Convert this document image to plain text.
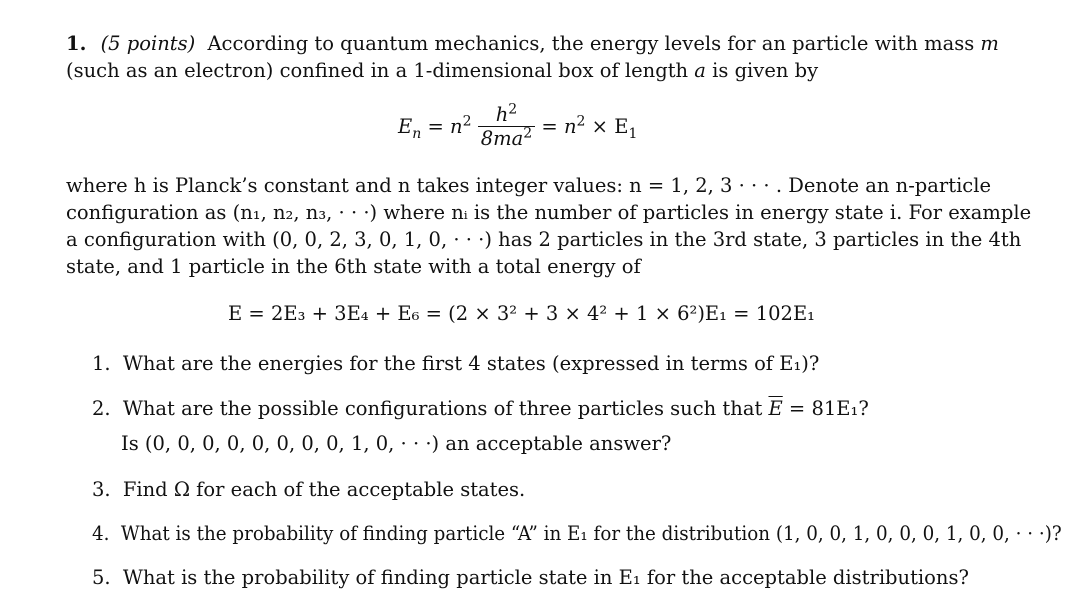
1. (5 points) According to quantum mechanics, the energy levels for an particle with mass m
(such as an electron) confined in a 1-dimensional box of length a is given by
$E_n = n^2 \frac{h^2}{8ma^2} = n^2 \times E_1$
where h is Planck’s constant and n takes integer values: n = 1, 2, 3 · · · . Denote an n-particle
configuration as (n₁, n₂, n₃, · · ·) where nᵢ is the number of particles in energy state i. For example
a configuration with (0, 0, 2, 3, 0, 1, 0, · · ·) has 2 particles in the 3rd state, 3 particles in the 4th
state, and 1 particle in the 6th state with a total energy of
E = 2E₃ + 3E₄ + E₆ = (2 × 3² + 3 × 4² + 1 × 6²)E₁ = 102E₁
1. What are the energies for the first 4 states (expressed in terms of E₁)?
2. What are the possible configurations of three particles such that $\overline{E} = 81E_1$?
Is (0, 0, 0, 0, 0, 0, 0, 0, 1, 0, · · ·) an acceptable answer?
3. Find Ω for each of the acceptable states.
4. What is the probability of finding particle “A” in E₁ for the distribution (1, 0, 0, 1, 0, 0, 0, 1, 0, 0, · · ·)?
5. What is the probability of finding particle state in E₁ for the acceptable distributions?
